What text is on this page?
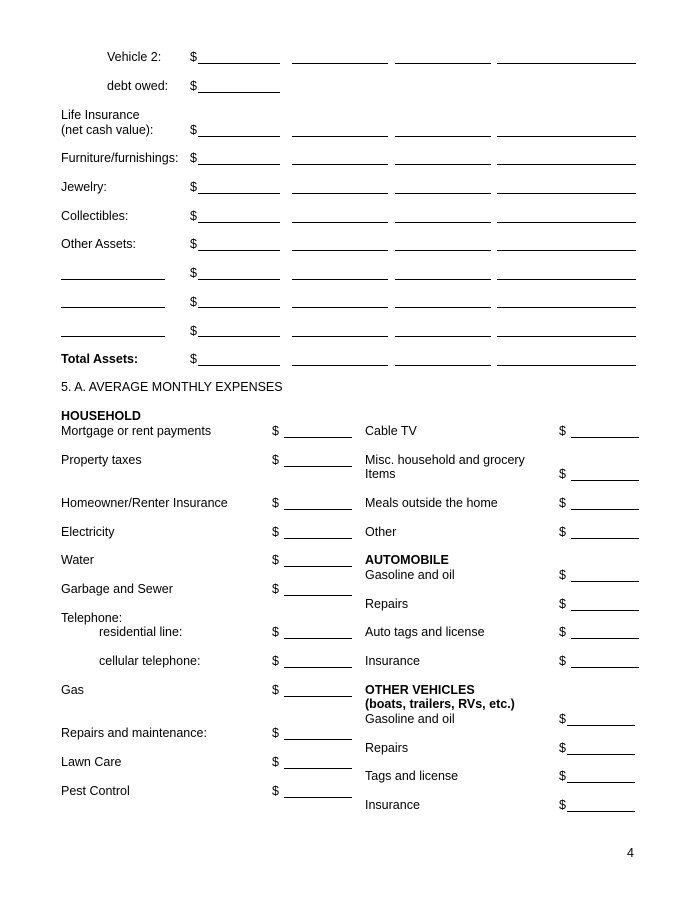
Vehicle 2:
debt owed:
Life Insurance
(net cash value):
Furniture/furnishings:
Jewelry:
Collectibles:
Other Assets:
Total Assets:
$
$
$
$
$
$
$
$
$
$
$
5. A. AVERAGE MONTHLY EXPENSES
HOUSEHOLD
Mortgage or rent payments
Property taxes
Homeowner/Renter Insurance
Electricity
Water
Garbage and Sewer
Telephone:
residential line:
cellular telephone:
Gas
Repairs and maintenance:
Lawn Care
Pest Control
$
$
$
$
$
$
$
$
$
$
$
$
Cable TV
Misc. household and grocery
Items
Meals outside the home
Other
AUTOMOBILE
Gasoline and oil
Repairs
Auto tags and license
Insurance
OTHER VEHICLES
(boats, trailers, RVs, etc.)
Gasoline and oil
Repairs
Tags and license
Insurance
$
$
$
$
$
$
$
$
$
$
$
$
4
